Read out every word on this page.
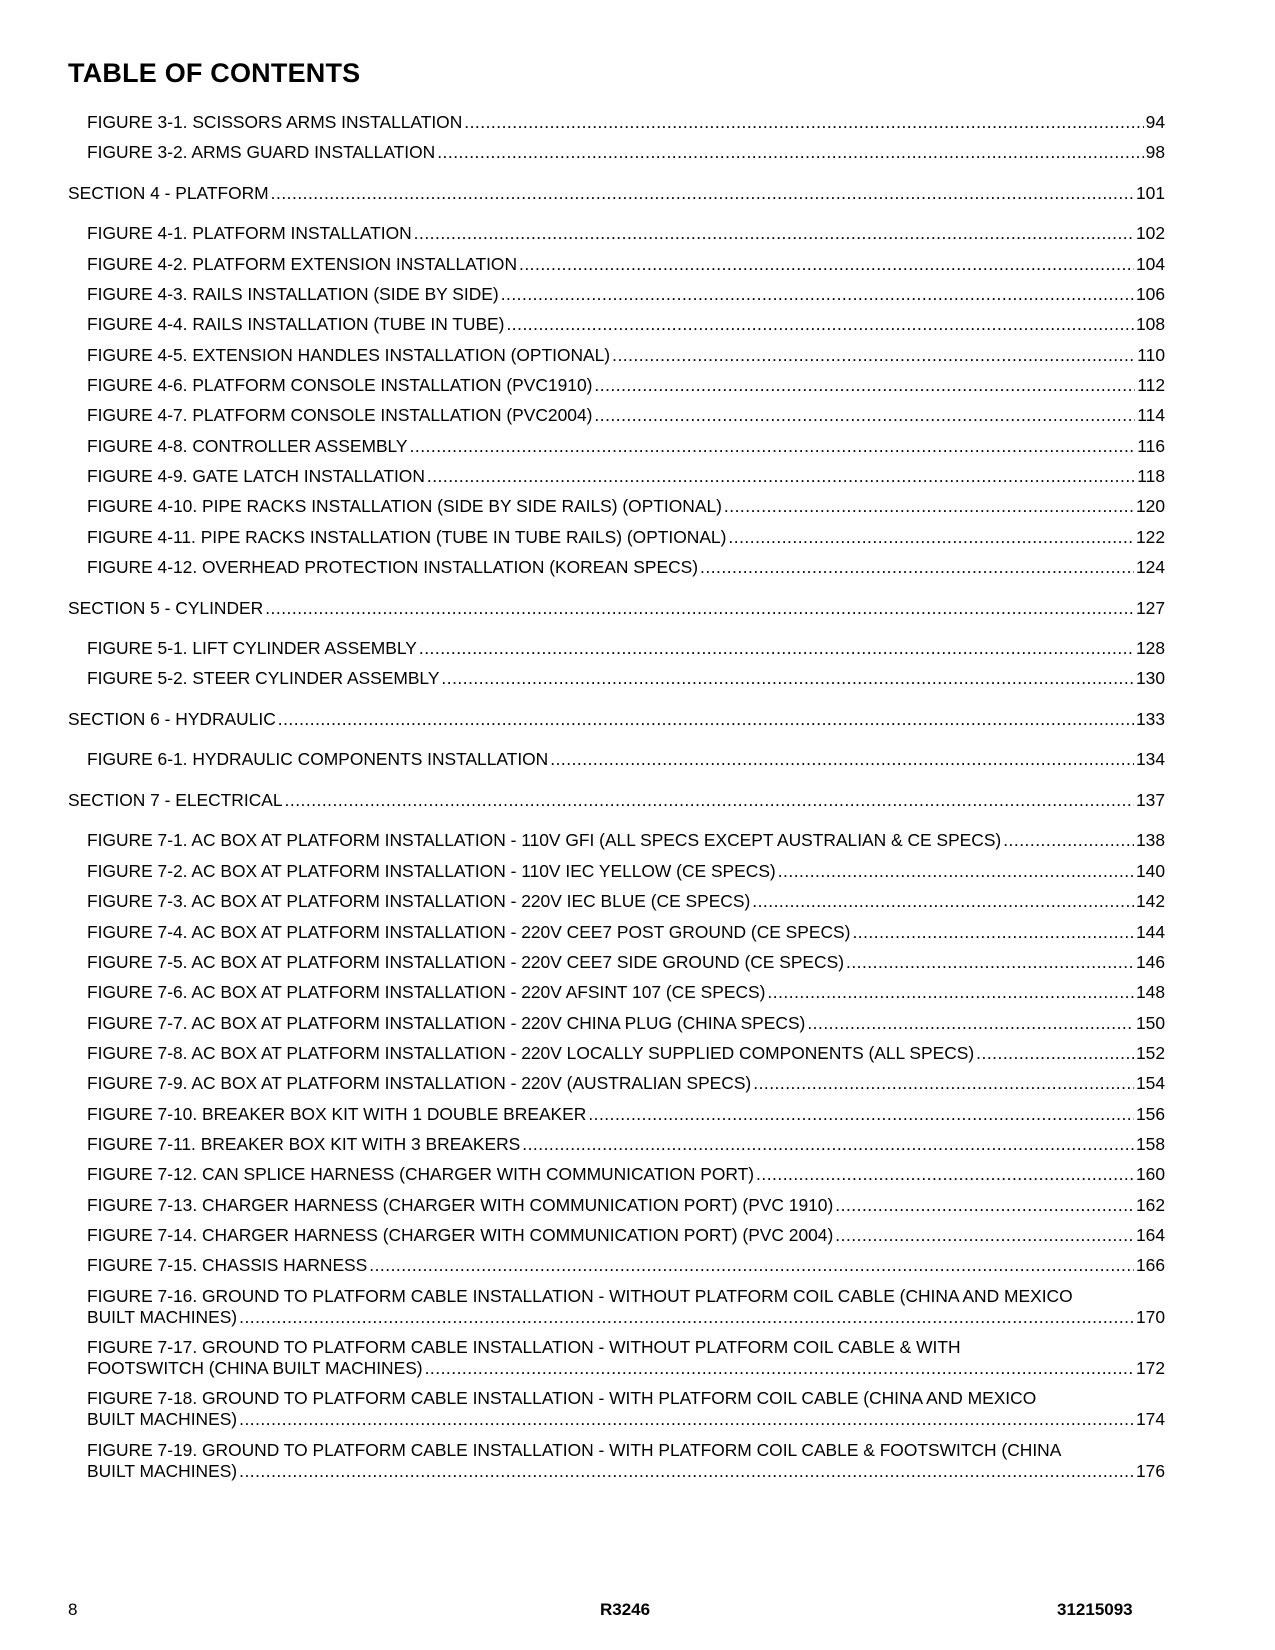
TABLE OF CONTENTS
FIGURE 3-1. SCISSORS ARMS INSTALLATION .....	94
FIGURE 3-2. ARMS GUARD INSTALLATION .....	98
SECTION 4 - PLATFORM .....	101
FIGURE 4-1. PLATFORM INSTALLATION .....	102
FIGURE 4-2. PLATFORM EXTENSION INSTALLATION .....	104
FIGURE 4-3. RAILS INSTALLATION (SIDE BY SIDE) .....	106
FIGURE 4-4. RAILS INSTALLATION (TUBE IN TUBE) .....	108
FIGURE 4-5. EXTENSION HANDLES INSTALLATION (OPTIONAL) .....	110
FIGURE 4-6. PLATFORM CONSOLE INSTALLATION (PVC1910) .....	112
FIGURE 4-7. PLATFORM CONSOLE INSTALLATION (PVC2004) .....	114
FIGURE 4-8. CONTROLLER ASSEMBLY .....	116
FIGURE 4-9. GATE LATCH INSTALLATION .....	118
FIGURE 4-10. PIPE RACKS INSTALLATION (SIDE BY SIDE RAILS) (OPTIONAL) .....	120
FIGURE 4-11. PIPE RACKS INSTALLATION (TUBE IN TUBE RAILS) (OPTIONAL) .....	122
FIGURE 4-12. OVERHEAD PROTECTION INSTALLATION (KOREAN SPECS) .....	124
SECTION 5 - CYLINDER .....	127
FIGURE 5-1. LIFT CYLINDER ASSEMBLY .....	128
FIGURE 5-2. STEER CYLINDER ASSEMBLY .....	130
SECTION 6 - HYDRAULIC .....	133
FIGURE 6-1. HYDRAULIC COMPONENTS INSTALLATION .....	134
SECTION 7 - ELECTRICAL .....	137
FIGURE 7-1. AC BOX AT PLATFORM INSTALLATION - 110V GFI (ALL SPECS EXCEPT AUSTRALIAN & CE SPECS) .....	138
FIGURE 7-2. AC BOX AT PLATFORM INSTALLATION - 110V IEC YELLOW (CE SPECS) .....	140
FIGURE 7-3. AC BOX AT PLATFORM INSTALLATION - 220V IEC BLUE (CE SPECS) .....	142
FIGURE 7-4. AC BOX AT PLATFORM INSTALLATION - 220V CEE7 POST GROUND (CE SPECS) .....	144
FIGURE 7-5. AC BOX AT PLATFORM INSTALLATION - 220V CEE7 SIDE GROUND (CE SPECS) .....	146
FIGURE 7-6. AC BOX AT PLATFORM INSTALLATION - 220V AFSINT 107 (CE SPECS) .....	148
FIGURE 7-7. AC BOX AT PLATFORM INSTALLATION - 220V CHINA PLUG (CHINA SPECS) .....	150
FIGURE 7-8. AC BOX AT PLATFORM INSTALLATION - 220V LOCALLY SUPPLIED COMPONENTS (ALL SPECS) .....	152
FIGURE 7-9. AC BOX AT PLATFORM INSTALLATION - 220V (AUSTRALIAN SPECS) .....	154
FIGURE 7-10. BREAKER BOX KIT WITH 1 DOUBLE BREAKER .....	156
FIGURE 7-11. BREAKER BOX KIT WITH 3 BREAKERS .....	158
FIGURE 7-12. CAN SPLICE HARNESS (CHARGER WITH COMMUNICATION PORT) .....	160
FIGURE 7-13. CHARGER HARNESS (CHARGER WITH COMMUNICATION PORT) (PVC 1910) .....	162
FIGURE 7-14. CHARGER HARNESS (CHARGER WITH COMMUNICATION PORT) (PVC 2004) .....	164
FIGURE 7-15. CHASSIS HARNESS .....	166
FIGURE 7-16. GROUND TO PLATFORM CABLE INSTALLATION - WITHOUT PLATFORM COIL CABLE (CHINA AND MEXICO
BUILT MACHINES) .....	170
FIGURE 7-17. GROUND TO PLATFORM CABLE INSTALLATION - WITHOUT PLATFORM COIL CABLE & WITH
FOOTSWITCH (CHINA BUILT MACHINES) .....	172
FIGURE 7-18. GROUND TO PLATFORM CABLE INSTALLATION - WITH PLATFORM COIL CABLE (CHINA AND MEXICO
BUILT MACHINES) .....	174
FIGURE 7-19. GROUND TO PLATFORM CABLE INSTALLATION - WITH PLATFORM COIL CABLE & FOOTSWITCH (CHINA
BUILT MACHINES) .....	176
8	R3246	31215093
